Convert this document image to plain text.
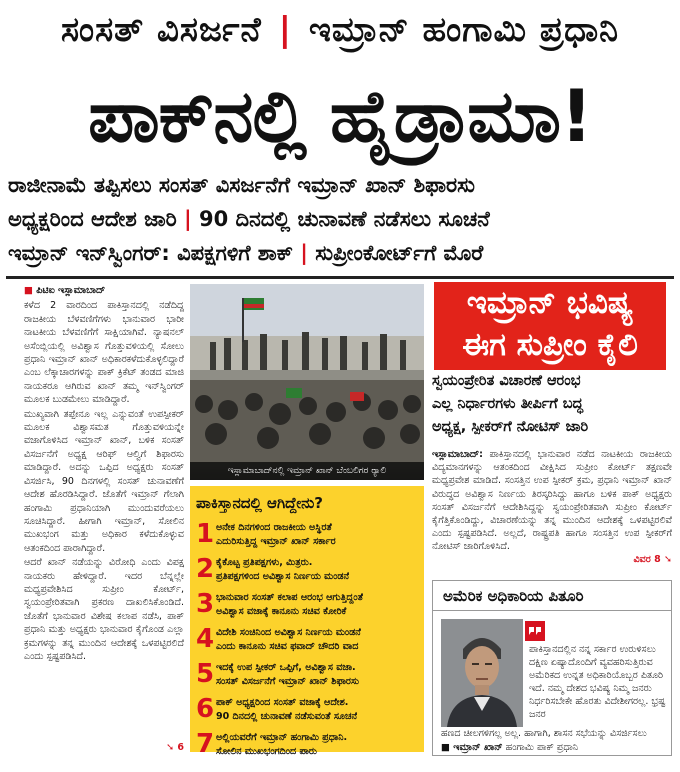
ಸಂಸತ್ ವಿಸರ್ಜನೆ | ಇಮ್ರಾನ್ ಹಂಗಾಮಿ ಪ್ರಧಾನಿ
ಪಾಕ್‌ನಲ್ಲಿ ಹೈಡ್ರಾಮಾ!
ರಾಜೀನಾಮೆ ತಪ್ಪಿಸಲು ಸಂಸತ್ ವಿಸರ್ಜನೆಗೆ ಇಮ್ರಾನ್ ಖಾನ್ ಶಿಫಾರಸು
ಅಧ್ಯಕ್ಷರಿಂದ ಆದೇಶ ಜಾರಿ | 90 ದಿನದಲ್ಲಿ ಚುನಾವಣೆ ನಡೆಸಲು ಸೂಚನೆ
ಇಮ್ರಾನ್ ಇನ್‌ಸ್ವಿಂಗರ್: ವಿಪಕ್ಷಗಳಿಗೆ ಶಾಕ್ | ಸುಪ್ರೀಂಕೋರ್ಟ್‌ಗೆ ಮೊರೆ
■ ಪಿಟಿಐ ಇಸ್ಲಾಮಾಬಾದ್

ಕಳೆದ 2 ವಾರದಿಂದ ಪಾಕಿಸ್ತಾನದಲ್ಲಿ ನಡೆದಿದ್ದ ರಾಜಕೀಯ ಬೆಳವಣಿಗೆಗಳು ಭಾನುವಾರ ಭಾರೀ ನಾಟಕೀಯ ಬೆಳವಣಿಗೆಗೆ ಸಾಕ್ಷಿಯಾಗಿವೆ. ನ್ಯಾಷನಲ್ ಅಸೆಂಬ್ಲಿಯಲ್ಲಿ ಅವಿಶ್ವಾಸ ಗೊತ್ತುವಳಿಯಲ್ಲಿ ಸೋಲು ಪ್ರಧಾನಿ ಇಮ್ರಾನ್ ಖಾನ್ ಅಧಿಕಾರಕಳೆದುಕೊಳ್ಳಲಿದ್ದಾರೆ ಎಂಬ ಲೆಕ್ಕಾಚಾರಗಳನ್ನು ಪಾಕ್ ಕ್ರಿಕೆಟ್ ತಂಡದ ಮಾಜಿ ನಾಯಕರೂ ಆಗಿರುವ ಖಾನ್ ತಮ್ಮ ಇನ್‌ಸ್ವಿಂಗರ್ ಮೂಲಕ ಬುಡಮೇಲು ಮಾಡಿದ್ದಾರೆ.

ಮುಖ್ಯವಾಗಿ ತಪ್ಪೇನೂ ಇಲ್ಲ ಎನ್ನುವಂತೆ ಉಪಸ್ಪೀಕರ್ ಮೂಲಕ ವಿಶ್ವಾಸಮತ ಗೊತ್ತುವಳಿಯನ್ನೇ ವಜಾಗೊಳಿಸಿದ ಇಮ್ರಾನ್ ಖಾನ್, ಬಳಿಕ ಸಂಸತ್ ವಿಸರ್ಜನೆಗೆ ಅಧ್ಯಕ್ಷ ಆರಿಫ್ ಆಲ್ವಿಗೆ ಶಿಫಾರಸು ಮಾಡಿದ್ದಾರೆ. ಅದನ್ನು ಒಪ್ಪಿದ ಅಧ್ಯಕ್ಷರು ಸಂಸತ್ ವಿಸರ್ಜಿಸಿ, 90 ದಿನಗಳಲ್ಲಿ ಸಂಸತ್ ಚುನಾವಣೆಗೆ ಆದೇಶ ಹೊರಡಿಸಿದ್ದಾರೆ. ಜೊತೆಗೆ ಇಮ್ರಾನ್ ಗೆಲಾಗಿ ಹಂಗಾಮಿ ಪ್ರಧಾನಿಯಾಗಿ ಮುಂದುವರೆಯಲು ಸೂಚಿಸಿದ್ದಾರೆ. ಹೀಗಾಗಿ ಇಮ್ರಾನ್, ಸೋಲಿನ ಮುಖಭಂಗ ಮತ್ತು ಅಧಿಕಾರ ಕಳೆದುಕೊಳ್ಳುವ ಆತಂಕದಿಂದ ಪಾರಾಗಿದ್ದಾರೆ.

ಆದರೆ ಖಾನ್ ನಡೆಯನ್ನು ವಿರೋಧಿ ಎಂದು ವಿಪಕ್ಷ ನಾಯಕರು ಹೇಳಿದ್ದಾರೆ. ಇದರ ಬೆನ್ನಲ್ಲೇ ಮಧ್ಯಪ್ರವೇಶಿಸಿದ ಸುಪ್ರೀಂ ಕೋರ್ಟ್, ಸ್ವಯಂಪ್ರೇರಿತವಾಗಿ ಪ್ರಕರಣ ದಾಖಲಿಸಿಕೊಂಡಿದೆ. ಜೊತೆಗೆ ಭಾನುವಾರ ವಿಶೇಷ ಕಲಾಪ ನಡೆಸಿ, ಪಾಕ್ ಪ್ರಧಾನಿ ಮತ್ತು ಅಧ್ಯಕ್ಷರು ಭಾನುವಾರ ಕೈಗೊಂಡ ಎಲ್ಲಾ ಕ್ರಮಗಳನ್ನು ತನ್ನ ಮುಂದಿನ ಆದೇಶಕ್ಕೆ ಒಳಪಟ್ಟಿರಲಿದೆ ಎಂದು ಸ್ಪಷ್ಟಪಡಿಸಿದೆ.

➘ 6
ಇಸ್ಲಾಮಾಬಾದ್‌ನಲ್ಲಿ ಇಮ್ರಾನ್ ಖಾನ್ ಬೆಂಬಲಿಗರ ರ‍್ಯಾಲಿ
ಇಮ್ರಾನ್ ಭವಿಷ್ಯ
ಈಗ ಸುಪ್ರೀಂ ಕೈಲಿ
ಸ್ವಯಂಪ್ರೇರಿತ ವಿಚಾರಣೆ ಆರಂಭ
ಎಲ್ಲ ನಿರ್ಧಾರಗಳು ತೀರ್ಪಿಗೆ ಬದ್ಧ
ಅಧ್ಯಕ್ಷ, ಸ್ಪೀಕರ್‌ಗೆ ನೋಟಿಸ್ ಜಾರಿ
ಇಸ್ಲಾಮಾಬಾದ್: ಪಾಕಿಸ್ತಾನದಲ್ಲಿ ಭಾನುವಾರ ನಡೆದ ನಾಟಕೀಯ ರಾಜಕೀಯ ವಿದ್ಯಮಾನಗಳನ್ನು ಆತಂಕದಿಂದ ವೀಕ್ಷಿಸಿದ ಸುಪ್ರೀಂ ಕೋರ್ಟ್ ತಕ್ಷಣವೇ ಮಧ್ಯಪ್ರವೇಶ ಮಾಡಿದೆ. ಸಂಸತ್ತಿನ ಉಪ ಸ್ಪೀಕರ್ ಕ್ರಮ, ಪ್ರಧಾನಿ ಇಮ್ರಾನ್ ಖಾನ್ ವಿರುದ್ಧದ ಅವಿಶ್ವಾಸ ನಿರ್ಣಯ ತಿರಸ್ಕರಿಸಿದ್ದು ಹಾಗೂ ಬಳಿಕ ಪಾಕ್ ಅಧ್ಯಕ್ಷರು ಸಂಸತ್ ವಿಸರ್ಜನೆಗೆ ಆದೇಶಿಸಿದ್ದನ್ನು ಸ್ವಯಂಪ್ರೇರಿತವಾಗಿ ಸುಪ್ರೀಂ ಕೋರ್ಟ್ ಕೈಗೆತ್ತಿಕೊಂಡಿದ್ದು, ವಿಚಾರಣೆಯನ್ನು ತನ್ನ ಮುಂದಿನ ಆದೇಶಕ್ಕೆ ಒಳಪಟ್ಟಿರಲಿವೆ ಎಂದು ಸ್ಪಷ್ಟಪಡಿಸಿದೆ. ಅಲ್ಲದೆ, ರಾಷ್ಟ್ರಪತಿ ಹಾಗೂ ಸಂಸತ್ತಿನ ಉಪ ಸ್ಪೀಕರ್‌ಗೆ ನೋಟಿಸ್ ಜಾರಿಗೊಳಿಸಿದೆ.
ವಿವರ 8 ➘
ಪಾಕಿಸ್ತಾನದಲ್ಲಿ ಆಗಿದ್ದೇನು?
1 ಅನೇಕ ದಿನಗಳಿಂದ ರಾಜಕೀಯ ಅಸ್ಥಿರತೆ
ಎದುರಿಸುತ್ತಿದ್ದ ಇಮ್ರಾನ್ ಖಾನ್ ಸರ್ಕಾರ
2 ಕೈಕೊಟ್ಟ ಪ್ರತಿಪಕ್ಷಗಳು, ಮಿತ್ರರು.
ಪ್ರತಿಪಕ್ಷಗಳಿಂದ ಅವಿಶ್ವಾಸ ನಿರ್ಣಯ ಮಂಡನೆ
3 ಭಾನುವಾರ ಸಂಸತ್ ಕಲಾಪ ಆರಂಭ ಆಗುತ್ತಿದ್ದಂತೆ
ಅವಿಶ್ವಾಸ ವಜಾಕ್ಕೆ ಕಾನೂನು ಸಚಿವ ಕೋರಿಕೆ
4 ವಿದೇಶಿ ಸಂಚಿನಿಂದ ಅವಿಶ್ವಾಸ ನಿರ್ಣಯ ಮಂಡನೆ
ಎಂದು ಕಾನೂನು ಸಚಿವ ಫವಾದ್ ಚೌದರಿ ವಾದ
5 ಇದಕ್ಕೆ ಉಪ ಸ್ಪೀಕರ್ ಒಪ್ಪಿಗೆ, ಅವಿಶ್ವಾಸ ವಜಾ.
ಸಂಸತ್ ವಿಸರ್ಜನೆಗೆ ಇಮ್ರಾನ್ ಖಾನ್ ಶಿಫಾರಸು
6 ಪಾಕ್ ಅಧ್ಯಕ್ಷರಿಂದ ಸಂಸತ್ ವಜಾಕ್ಕೆ ಆದೇಶ.
90 ದಿನದಲ್ಲಿ ಚುನಾವಣೆ ನಡೆಸುವಂತೆ ಸೂಚನೆ
7 ಅಲ್ಲಿಯವರೆಗೆ ಇಮ್ರಾನ್ ಹಂಗಾಮಿ ಪ್ರಧಾನಿ.
ಸೋಲಿನ ಮುಖಭಂಗದಿಂದ ಪಾರು
ಅಮೆರಿಕ ಅಧಿಕಾರಿಯ ಪಿತೂರಿ
ಪಾಕಿಸ್ತಾನದಲ್ಲಿನ ನನ್ನ ಸರ್ಕಾರ ಉರುಳಿಸಲು ದಕ್ಷಿಣ ಏಷ್ಯಾದೊಂದಿಗೆ ವ್ಯವಹರಿಸುತ್ತಿರುವ ಅಮೆರಿಕದ ಉನ್ನತ ಅಧಿಕಾರಿಯೊಬ್ಬರ ಪಿತೂರಿ ಇದೆ. ನಮ್ಮ ದೇಶದ ಭವಿಷ್ಯ ನಿಮ್ಮ ಜನರು ನಿರ್ಧರಿಸಬೇಕೇ ಹೊರತು ವಿದೇಶೀಗರಲ್ಲ. ಭ್ರಷ್ಟ ಜನರ
ಹಣದ ಚೀಲಗಳಿಗಲ್ಲ ಅಲ್ಲ. ಹಾಗಾಗಿ, ಶಾಸನ ಸಭೆಯನ್ನು ವಿಸರ್ಜಿಸಲು
■ ಇಮ್ರಾನ್ ಖಾನ್ ಹಂಗಾಮಿ ಪಾಕ್ ಪ್ರಧಾನಿ
